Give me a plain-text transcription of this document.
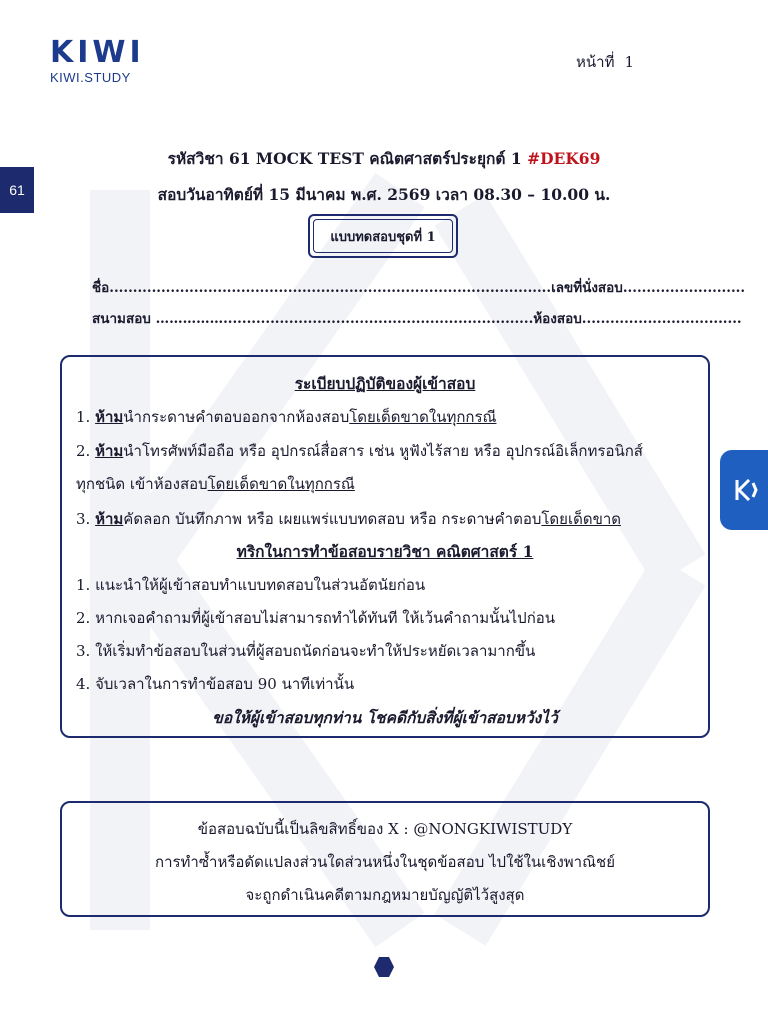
KIWI
KIWI.STUDY
หน้าที่ 1
61
รหัสวิชา 61 MOCK TEST คณิตศาสตร์ประยุกต์ 1 #DEK69
สอบวันอาทิตย์ที่ 15 มีนาคม พ.ศ. 2569 เวลา 08.30 – 10.00 น.
แบบทดสอบชุดที่ 1
ชื่อ..............................................................................................เลขที่นั่งสอบ..........................
สนามสอบ ……………..................................................................ห้องสอบ..................................
ระเบียบปฏิบัติของผู้เข้าสอบ
1. ห้ามนำกระดาษคำตอบออกจากห้องสอบโดยเด็ดขาดในทุกกรณี
2. ห้ามนำโทรศัพท์มือถือ หรือ อุปกรณ์สื่อสาร เช่น หูฟังไร้สาย หรือ อุปกรณ์อิเล็กทรอนิกส์
ทุกชนิด เข้าห้องสอบโดยเด็ดขาดในทุกกรณี
3. ห้ามคัดลอก บันทึกภาพ หรือ เผยแพร่แบบทดสอบ หรือ กระดาษคำตอบโดยเด็ดขาด
ทริกในการทำข้อสอบรายวิชา คณิตศาสตร์ 1
1. แนะนำให้ผู้เข้าสอบทำแบบทดสอบในส่วนอัตนัยก่อน
2. หากเจอคำถามที่ผู้เข้าสอบไม่สามารถทำได้ทันที ให้เว้นคำถามนั้นไปก่อน
3. ให้เริ่มทำข้อสอบในส่วนที่ผู้สอบถนัดก่อนจะทำให้ประหยัดเวลามากขึ้น
4. จับเวลาในการทำข้อสอบ 90 นาทีเท่านั้น
ขอให้ผู้เข้าสอบทุกท่าน โชคดีกับสิ่งที่ผู้เข้าสอบหวังไว้
ข้อสอบฉบับนี้เป็นลิขสิทธิ์ของ X : @NONGKIWISTUDY
การทำซ้ำหรือดัดแปลงส่วนใดส่วนหนึ่งในชุดข้อสอบ ไปใช้ในเชิงพาณิชย์
จะถูกดำเนินคดีตามกฎหมายบัญญัติไว้สูงสุด
